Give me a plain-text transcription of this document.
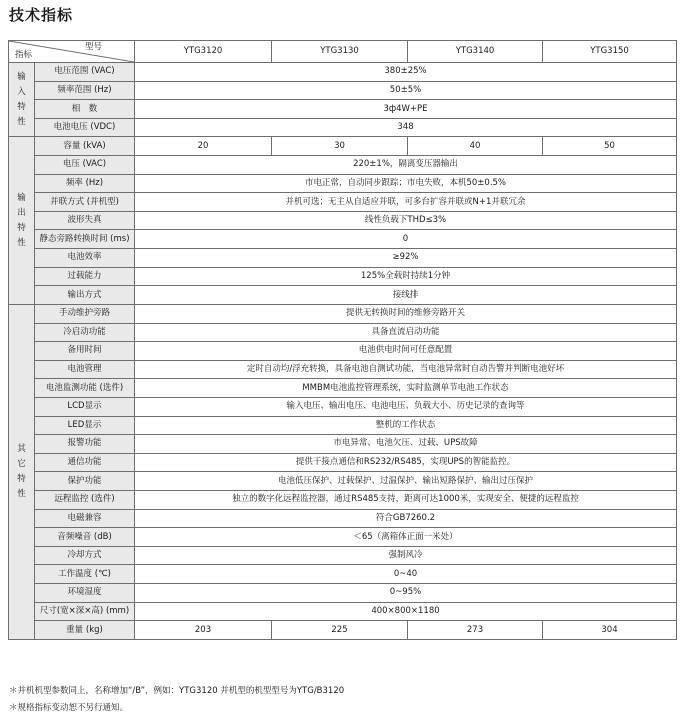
技术指标
型号
指标		YTG3120	YTG3130	YTG3140	YTG3150

输
入
特
性	电压范围 (VAC)	380±25%			
	频率范围 (Hz)	50±5%			
	相　数	3ф4W+PE			
	电池电压 (VDC)	348			

输
出
特
性	容量 (kVA)	20	30	40	50
	电压 (VAC)	220±1%，隔离变压器输出			
	频率 (Hz)	市电正常，自动同步跟踪；市电失败，本机50±0.5%			
	并联方式 (并机型)	并机可选；无主从自适应并联，可多台扩容并联或N+1并联冗余			
	波形失真	线性负载下THD≤3%			
	静态旁路转换时间 (ms)	0			
	电池效率	≥92%			
	过载能力	125%全载时持续1分钟			
	输出方式	接线排			

其
它
特
性	手动维护旁路	提供无转换时间的维修旁路开关			
	冷启动功能	具备直流启动功能			
	备用时间	电池供电时间可任意配置			
	电池管理	定时自动均/浮充转换，具备电池自测试功能，当电池异常时自动告警并判断电池好坏			
	电池监测功能 (选件)	MMBM电池监控管理系统，实时监测单节电池工作状态			
	LCD显示	输入电压、输出电压、电池电压、负载大小、历史记录的查询等			
	LED显示	整机的工作状态			
	报警功能	市电异常、电池欠压、过载、UPS故障			
	通信功能	提供干接点通信和RS232/RS485，实现UPS的智能监控。			
	保护功能	电池低压保护、过载保护、过温保护、输出短路保护、输出过压保护			
	远程监控 (选件)	独立的数字化远程监控器，通过RS485支持，距离可达1000米，实现安全、便捷的远程监控			
	电磁兼容	符合GB7260.2			
	音频噪音 (dB)	＜65（离箱体正面一米处）			
	冷却方式	强制风冷			
	工作温度 (℃)	0~40			
	环境湿度	0~95%			
	尺寸(宽×深×高) (mm)	400×800×1180			
	重量 (kg)	203	225	273	304
＊并机机型参数同上，名称增加“/B”，例如：YTG3120 并机型的机型型号为YTG/B3120
＊规格指标变动恕不另行通知。
